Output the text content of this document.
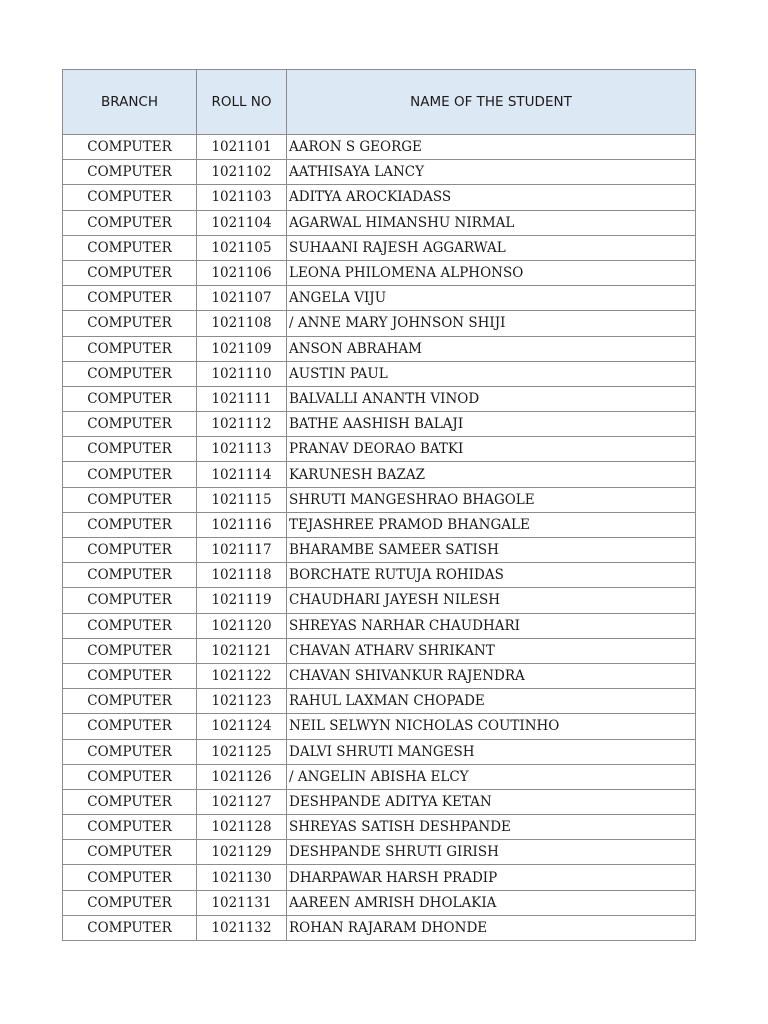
BRANCH	ROLL NO	NAME OF THE STUDENT
COMPUTER	1021101	AARON S GEORGE
COMPUTER	1021102	AATHISAYA LANCY
COMPUTER	1021103	ADITYA AROCKIADASS
COMPUTER	1021104	AGARWAL HIMANSHU NIRMAL
COMPUTER	1021105	SUHAANI RAJESH AGGARWAL
COMPUTER	1021106	LEONA PHILOMENA ALPHONSO
COMPUTER	1021107	ANGELA VIJU
COMPUTER	1021108	/ ANNE MARY JOHNSON SHIJI
COMPUTER	1021109	ANSON ABRAHAM
COMPUTER	1021110	AUSTIN PAUL
COMPUTER	1021111	BALVALLI ANANTH VINOD
COMPUTER	1021112	BATHE AASHISH BALAJI
COMPUTER	1021113	PRANAV DEORAO BATKI
COMPUTER	1021114	KARUNESH BAZAZ
COMPUTER	1021115	SHRUTI MANGESHRAO BHAGOLE
COMPUTER	1021116	TEJASHREE PRAMOD BHANGALE
COMPUTER	1021117	BHARAMBE SAMEER SATISH
COMPUTER	1021118	BORCHATE RUTUJA ROHIDAS
COMPUTER	1021119	CHAUDHARI JAYESH NILESH
COMPUTER	1021120	SHREYAS NARHAR CHAUDHARI
COMPUTER	1021121	CHAVAN ATHARV SHRIKANT
COMPUTER	1021122	CHAVAN SHIVANKUR RAJENDRA
COMPUTER	1021123	RAHUL LAXMAN CHOPADE
COMPUTER	1021124	NEIL SELWYN NICHOLAS COUTINHO
COMPUTER	1021125	DALVI SHRUTI MANGESH
COMPUTER	1021126	/ ANGELIN ABISHA ELCY
COMPUTER	1021127	DESHPANDE ADITYA KETAN
COMPUTER	1021128	SHREYAS SATISH DESHPANDE
COMPUTER	1021129	DESHPANDE SHRUTI GIRISH
COMPUTER	1021130	DHARPAWAR HARSH PRADIP
COMPUTER	1021131	AAREEN AMRISH DHOLAKIA
COMPUTER	1021132	ROHAN RAJARAM DHONDE
